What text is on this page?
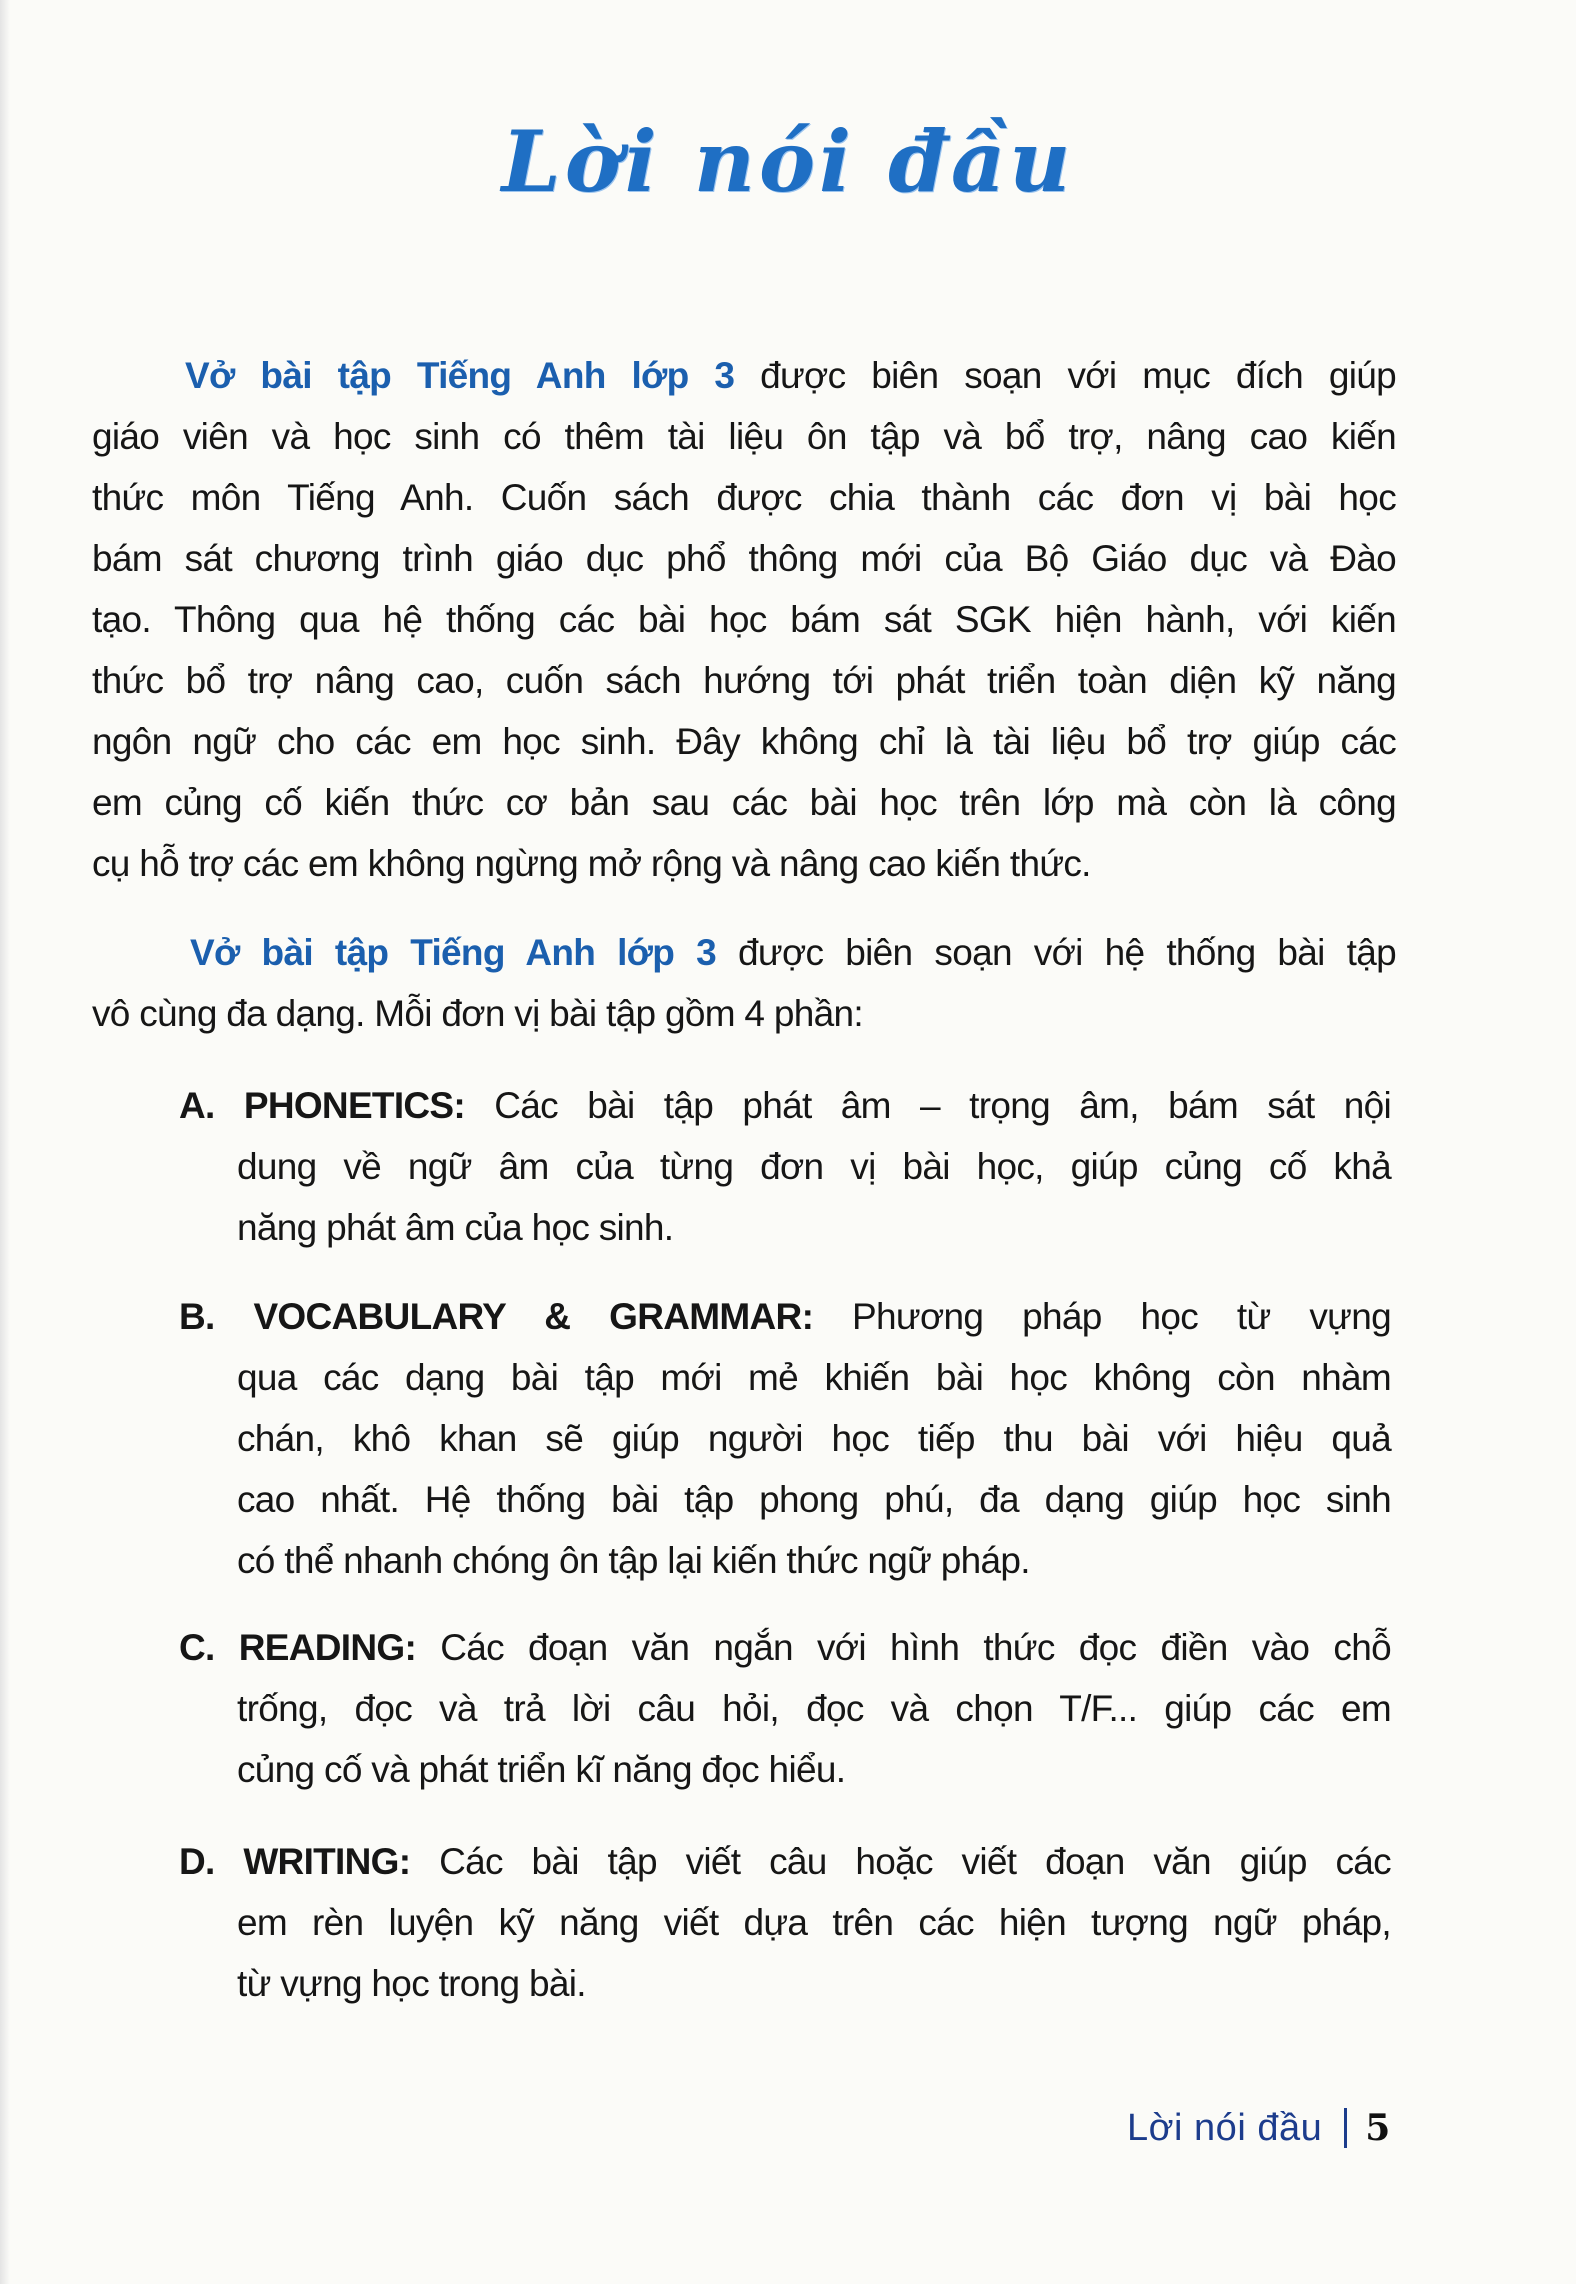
Lời nói đầu
Vở bài tập Tiếng Anh lớp 3 được biên soạn với mục đích giúp
giáo viên và học sinh có thêm tài liệu ôn tập và bổ trợ, nâng cao kiến
thức môn Tiếng Anh. Cuốn sách được chia thành các đơn vị bài học
bám sát chương trình giáo dục phổ thông mới của Bộ Giáo dục và Đào
tạo. Thông qua hệ thống các bài học bám sát SGK hiện hành, với kiến
thức bổ trợ nâng cao, cuốn sách hướng tới phát triển toàn diện kỹ năng
ngôn ngữ cho các em học sinh. Đây không chỉ là tài liệu bổ trợ giúp các
em củng cố kiến thức cơ bản sau các bài học trên lớp mà còn là công
cụ hỗ trợ các em không ngừng mở rộng và nâng cao kiến thức.
Vở bài tập Tiếng Anh lớp 3 được biên soạn với hệ thống bài tập
vô cùng đa dạng. Mỗi đơn vị bài tập gồm 4 phần:
A. PHONETICS: Các bài tập phát âm – trọng âm, bám sát nội
dung về ngữ âm của từng đơn vị bài học, giúp củng cố khả
năng phát âm của học sinh.
B. VOCABULARY & GRAMMAR: Phương pháp học từ vựng
qua các dạng bài tập mới mẻ khiến bài học không còn nhàm
chán, khô khan sẽ giúp người học tiếp thu bài với hiệu quả
cao nhất. Hệ thống bài tập phong phú, đa dạng giúp học sinh
có thể nhanh chóng ôn tập lại kiến thức ngữ pháp.
C. READING: Các đoạn văn ngắn với hình thức đọc điền vào chỗ
trống, đọc và trả lời câu hỏi, đọc và chọn T/F... giúp các em
củng cố và phát triển kĩ năng đọc hiểu.
D. WRITING: Các bài tập viết câu hoặc viết đoạn văn giúp các
em rèn luyện kỹ năng viết dựa trên các hiện tượng ngữ pháp,
từ vựng học trong bài.
Lời nói đầu 5
